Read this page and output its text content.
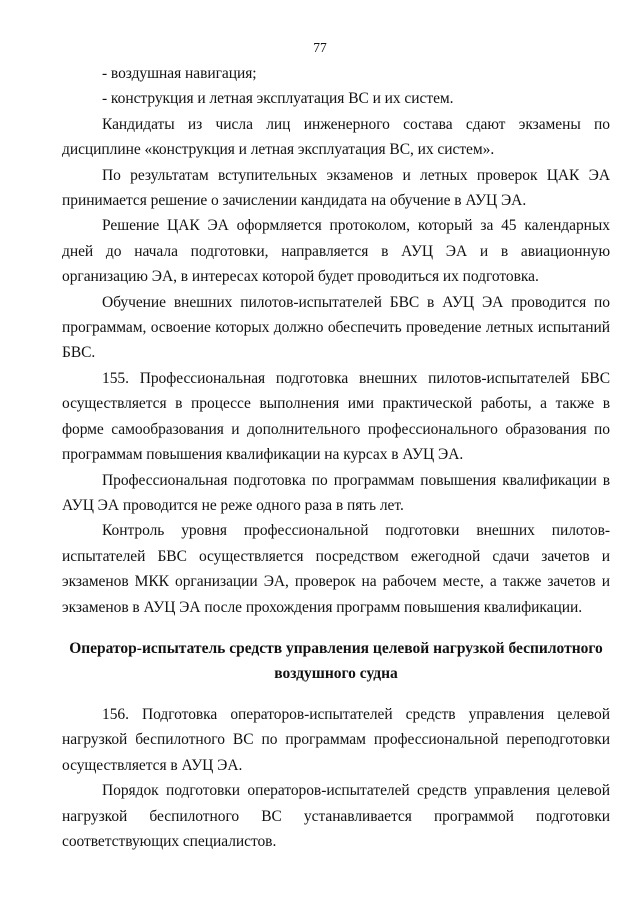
77

- воздушная навигация;

- конструкция и летная эксплуатация ВС и их систем.

Кандидаты из числа лиц инженерного состава сдают экзамены по дисциплине «конструкция и летная эксплуатация ВС, их систем».

По результатам вступительных экзаменов и летных проверок ЦАК ЭА принимается решение о зачислении кандидата на обучение в АУЦ ЭА.

Решение ЦАК ЭА оформляется протоколом, который за 45 календарных дней до начала подготовки, направляется в АУЦ ЭА и в авиационную организацию ЭА, в интересах которой будет проводиться их подготовка.

Обучение внешних пилотов-испытателей БВС в АУЦ ЭА проводится по программам, освоение которых должно обеспечить проведение летных испытаний БВС.

155. Профессиональная подготовка внешних пилотов-испытателей БВС осуществляется в процессе выполнения ими практической работы, а также в форме самообразования и дополнительного профессионального образования по программам повышения квалификации на курсах в АУЦ ЭА.

Профессиональная подготовка по программам повышения квалификации в АУЦ ЭА проводится не реже одного раза в пять лет.

Контроль уровня профессиональной подготовки внешних пилотов-испытателей БВС осуществляется посредством ежегодной сдачи зачетов и экзаменов МКК организации ЭА, проверок на рабочем месте, а также зачетов и экзаменов в АУЦ ЭА после прохождения программ повышения квалификации.

Оператор-испытатель средств управления целевой нагрузкой беспилотного воздушного судна

156. Подготовка операторов-испытателей средств управления целевой нагрузкой беспилотного ВС по программам профессиональной переподготовки осуществляется в АУЦ ЭА.

Порядок подготовки операторов-испытателей средств управления целевой нагрузкой беспилотного ВС устанавливается программой подготовки соответствующих специалистов.
